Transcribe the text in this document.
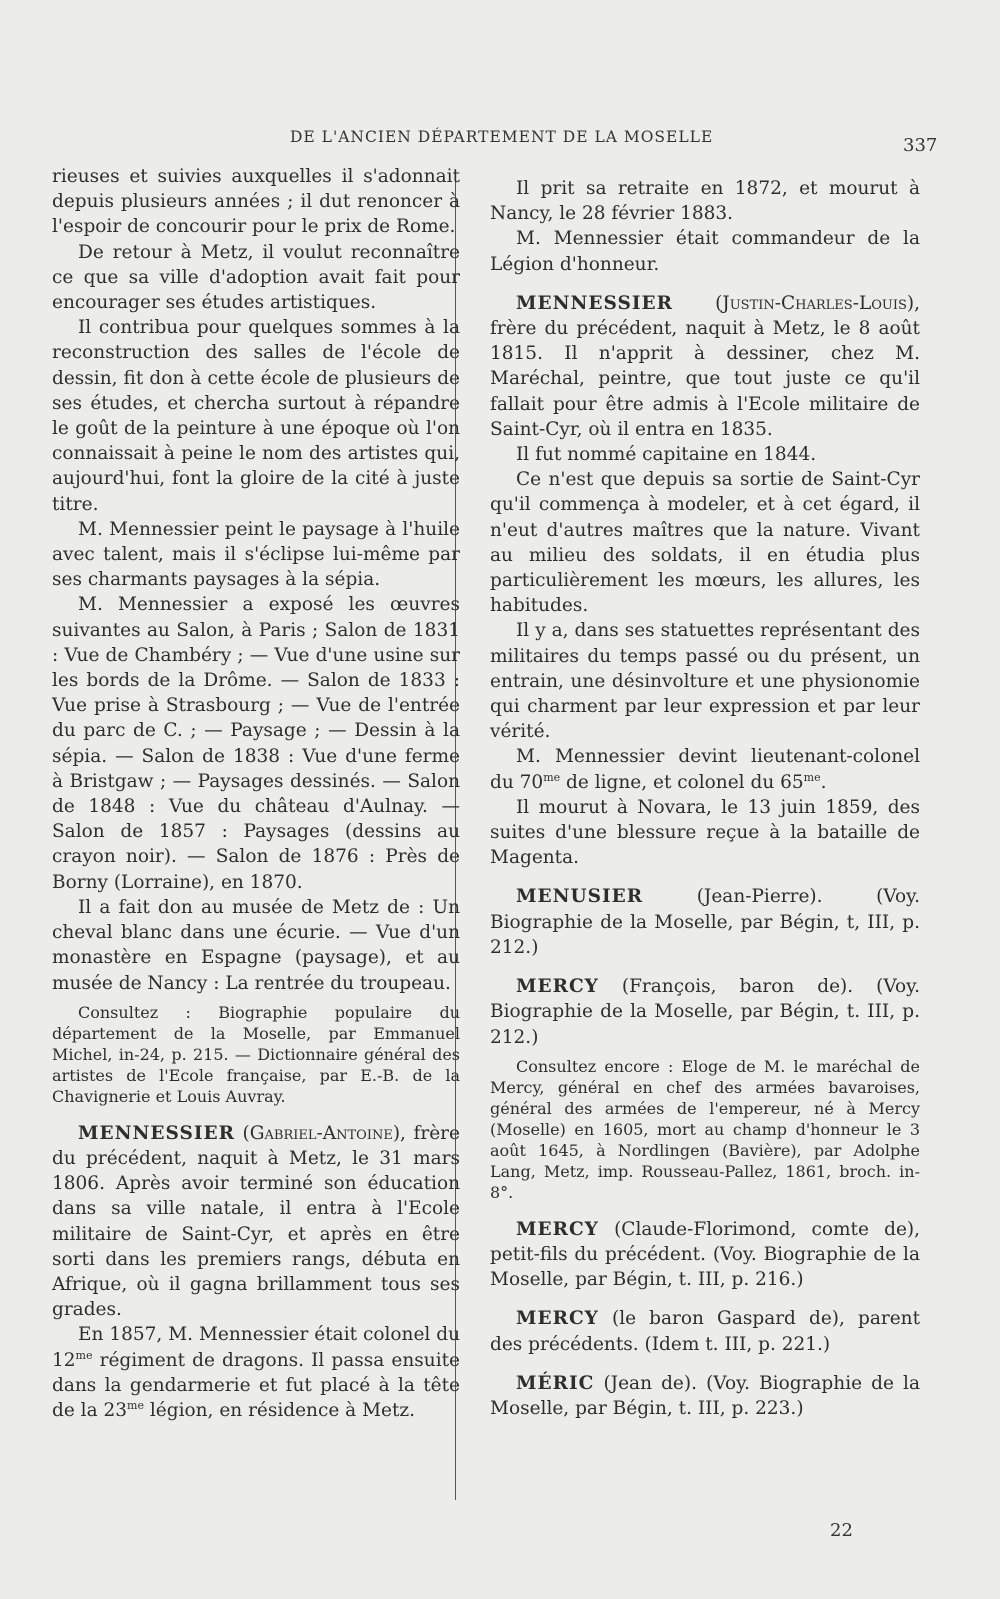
DE L'ANCIEN DÉPARTEMENT DE LA MOSELLE	337

rieuses et suivies auxquelles il s'adonnait depuis plusieurs années ; il dut renoncer à l'espoir de concourir pour le prix de Rome.

De retour à Metz, il voulut reconnaître ce que sa ville d'adoption avait fait pour encourager ses études artistiques.

Il contribua pour quelques sommes à la reconstruction des salles de l'école de dessin, fit don à cette école de plusieurs de ses études, et chercha surtout à répandre le goût de la peinture à une époque où l'on connaissait à peine le nom des artistes qui, aujourd'hui, font la gloire de la cité à juste titre.

M. Mennessier peint le paysage à l'huile avec talent, mais il s'éclipse lui-même par ses charmants paysages à la sépia.

M. Mennessier a exposé les œuvres suivantes au Salon, à Paris ; Salon de 1831 : Vue de Chambéry ; — Vue d'une usine sur les bords de la Drôme. — Salon de 1833 : Vue prise à Strasbourg ; — Vue de l'entrée du parc de C. ; — Paysage ; — Dessin à la sépia. — Salon de 1838 : Vue d'une ferme à Bristgaw ; — Paysages dessinés. — Salon de 1848 : Vue du château d'Aulnay. — Salon de 1857 : Paysages (dessins au crayon noir). — Salon de 1876 : Près de Borny (Lorraine), en 1870.

Il a fait don au musée de Metz de : Un cheval blanc dans une écurie. — Vue d'un monastère en Espagne (paysage), et au musée de Nancy : La rentrée du troupeau.

Consultez : Biographie populaire du département de la Moselle, par Emmanuel Michel, in-24, p. 215. — Dictionnaire général des artistes de l'Ecole française, par E.-B. de la Chavignerie et Louis Auvray.

MENNESSIER (Gabriel-Antoine), frère du précédent, naquit à Metz, le 31 mars 1806. Après avoir terminé son éducation dans sa ville natale, il entra à l'Ecole militaire de Saint-Cyr, et après en être sorti dans les premiers rangs, débuta en Afrique, où il gagna brillamment tous ses grades.

En 1857, M. Mennessier était colonel du $12^{me}$ régiment de dragons. Il passa ensuite dans la gendarmerie et fut placé à la tête de la $23^{me}$ légion, en résidence à Metz.

Il prit sa retraite en 1872, et mourut à Nancy, le 28 février 1883.

M. Mennessier était commandeur de la Légion d'honneur.

MENNESSIER (Justin-Charles-Louis), frère du précédent, naquit à Metz, le 8 août 1815. Il n'apprit à dessiner, chez M. Maréchal, peintre, que tout juste ce qu'il fallait pour être admis à l'Ecole militaire de Saint-Cyr, où il entra en 1835.

Il fut nommé capitaine en 1844.

Ce n'est que depuis sa sortie de Saint-Cyr qu'il commença à modeler, et à cet égard, il n'eut d'autres maîtres que la nature. Vivant au milieu des soldats, il en étudia plus particulièrement les mœurs, les allures, les habitudes.

Il y a, dans ses statuettes représentant des militaires du temps passé ou du présent, un entrain, une désinvolture et une physionomie qui charment par leur expression et par leur vérité.

M. Mennessier devint lieutenant-colonel du $70^{me}$ de ligne, et colonel du $65^{me}$.

Il mourut à Novara, le 13 juin 1859, des suites d'une blessure reçue à la bataille de Magenta.

MENUSIER	(Jean-Pierre). (Voy. Biographie de la Moselle, par Bégin, t, III, p. 212.)

MERCY (François, baron de). (Voy. Biographie de la Moselle, par Bégin, t. III, p. 212.)

Consultez encore : Eloge de M. le maréchal de Mercy, général en chef des armées bavaroises, général des armées de l'empereur, né à Mercy (Moselle) en 1605, mort au champ d'honneur le 3 août 1645, à Nordlingen (Bavière), par Adolphe Lang, Metz, imp. Rousseau-Pallez, 1861, broch. in-8°.

MERCY (Claude-Florimond, comte de), petit-fils du précédent. (Voy. Biographie de la Moselle, par Bégin, t. III, p. 216.)

MERCY (le baron Gaspard de), parent des précédents. (Idem t. III, p. 221.)

MÉRIC (Jean de). (Voy. Biographie de la Moselle, par Bégin, t. III, p. 223.)

22
